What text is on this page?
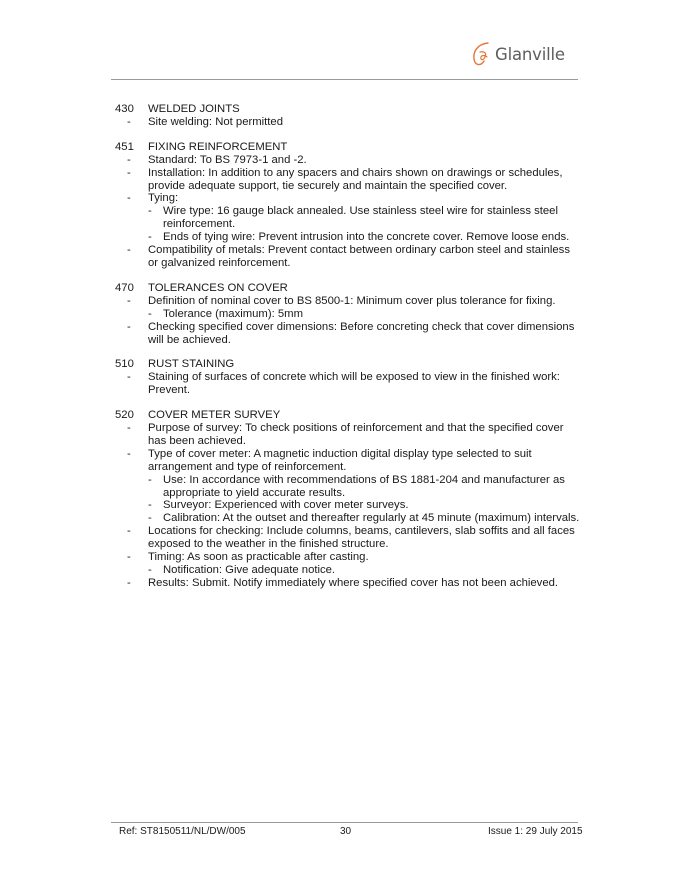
Glanville
430 WELDED JOINTS
- Site welding: Not permitted
451 FIXING REINFORCEMENT
- Standard: To BS 7973-1 and -2.
- Installation: In addition to any spacers and chairs shown on drawings or schedules, provide adequate support, tie securely and maintain the specified cover.
- Tying:
- Wire type: 16 gauge black annealed. Use stainless steel wire for stainless steel reinforcement.
- Ends of tying wire: Prevent intrusion into the concrete cover. Remove loose ends.
- Compatibility of metals: Prevent contact between ordinary carbon steel and stainless or galvanized reinforcement.
470 TOLERANCES ON COVER
- Definition of nominal cover to BS 8500-1: Minimum cover plus tolerance for fixing.
- Tolerance (maximum): 5mm
- Checking specified cover dimensions: Before concreting check that cover dimensions will be achieved.
510 RUST STAINING
- Staining of surfaces of concrete which will be exposed to view in the finished work: Prevent.
520 COVER METER SURVEY
- Purpose of survey: To check positions of reinforcement and that the specified cover has been achieved.
- Type of cover meter: A magnetic induction digital display type selected to suit arrangement and type of reinforcement.
- Use: In accordance with recommendations of BS 1881-204 and manufacturer as appropriate to yield accurate results.
- Surveyor: Experienced with cover meter surveys.
- Calibration: At the outset and thereafter regularly at 45 minute (maximum) intervals.
- Locations for checking: Include columns, beams, cantilevers, slab soffits and all faces exposed to the weather in the finished structure.
- Timing: As soon as practicable after casting.
- Notification: Give adequate notice.
- Results: Submit. Notify immediately where specified cover has not been achieved.
Ref: ST8150511/NL/DW/005	30	Issue 1: 29 July 2015
